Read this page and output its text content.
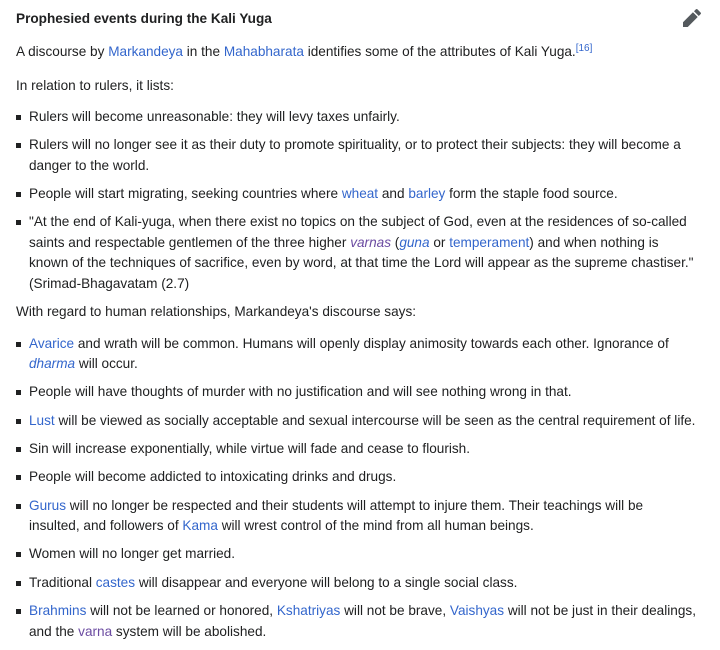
Prophesied events during the Kali Yuga

A discourse by Markandeya in the Mahabharata identifies some of the attributes of Kali Yuga.[16]

In relation to rulers, it lists:

Rulers will become unreasonable: they will levy taxes unfairly.
Rulers will no longer see it as their duty to promote spirituality, or to protect their subjects: they will become a danger to the world.
People will start migrating, seeking countries where wheat and barley form the staple food source.
"At the end of Kali-yuga, when there exist no topics on the subject of God, even at the residences of so-called saints and respectable gentlemen of the three higher varnas (guna or temperament) and when nothing is known of the techniques of sacrifice, even by word, at that time the Lord will appear as the supreme chastiser." (Srimad-Bhagavatam (2.7)

With regard to human relationships, Markandeya's discourse says:

Avarice and wrath will be common. Humans will openly display animosity towards each other. Ignorance of dharma will occur.
People will have thoughts of murder with no justification and will see nothing wrong in that.
Lust will be viewed as socially acceptable and sexual intercourse will be seen as the central requirement of life.
Sin will increase exponentially, while virtue will fade and cease to flourish.
People will become addicted to intoxicating drinks and drugs.
Gurus will no longer be respected and their students will attempt to injure them. Their teachings will be insulted, and followers of Kama will wrest control of the mind from all human beings.
Women will no longer get married.
Traditional castes will disappear and everyone will belong to a single social class.
Brahmins will not be learned or honored, Kshatriyas will not be brave, Vaishyas will not be just in their dealings, and the varna system will be abolished.
